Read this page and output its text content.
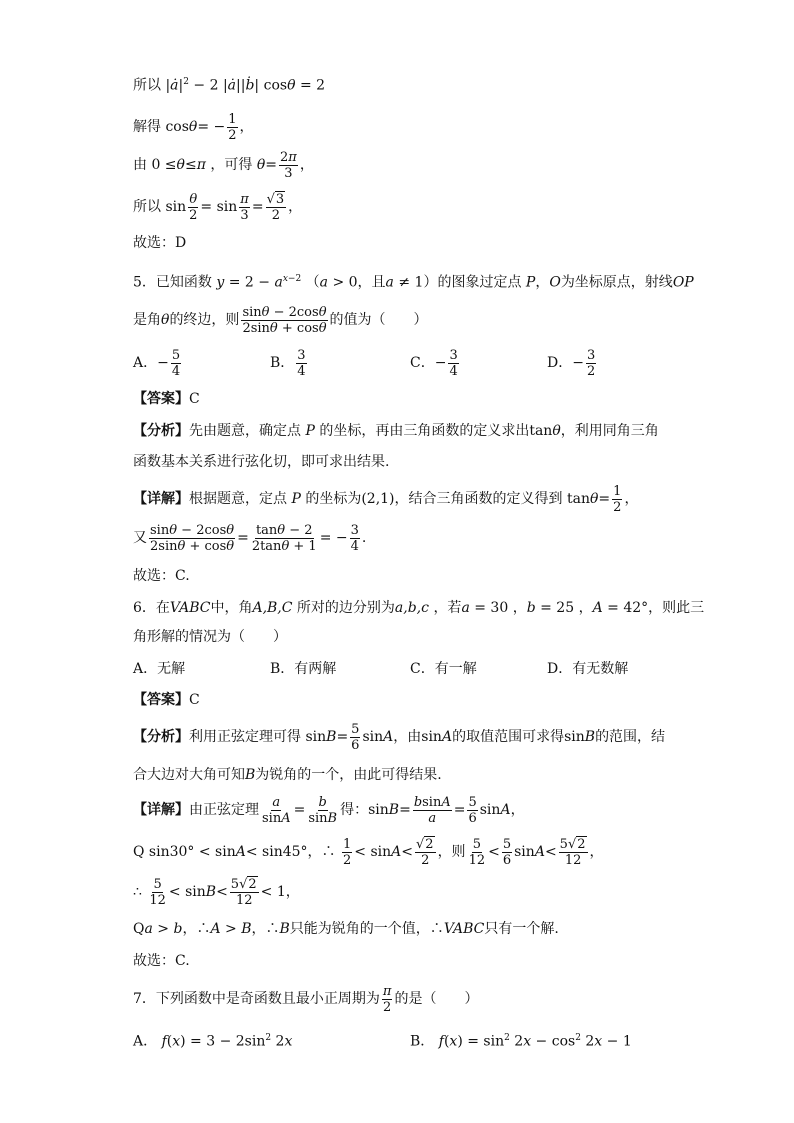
所以 $|ȧ|^2 - 2$ |ȧ||ḃ| cosθ = 2
解得 cos θ = − $\frac{1}{2}$ ，
由 0 ≤ θ ≤ π
，可得
$\theta = \frac{2\pi}{3}$ ，
所以 $\sin \frac{\theta}{2} = \sin \frac{\pi}{3} = \frac{√3}{2}$ ，
故选：D
5．已知函数 $y = 2 - a^{x-2}$ （a > 0，且a ≠ 1）的图象过定点 P，O为坐标原点，射线OP
是角 θ 的终边，则 $\frac{\sin\theta - 2\cos\theta}{2\sin\theta + \cos\theta}$ 的值为（　　）
A． − $\frac{5}{4}$	B． $\frac{3}{4}$	C． − $\frac{3}{4}$	D． − $\frac{3}{2}$
【答案】C
【分析】先由题意，确定点 P 的坐标，再由三角函数的定义求出tanθ，利用同角三角
函数基本关系进行弦化切，即可求出结果.
【详解】 根据题意，定点
P
的坐标为 (2,1) ，结合三角函数的定义得到 $\tan \theta = \frac{1}{2}$ ，
又 $\frac{\sin\theta - 2\cos\theta}{2\sin\theta + \cos\theta} = \frac{\tan\theta - 2}{2\tan\theta + 1}$ = − $\frac{3}{4}$ .
故选：C.
6．在VABC中，角A,B,C 所对的边分别为a,b,c ，若a = 30 ，b = 25 ，A = 42°，则此三
角形解的情况为（　　）
A．无解	B．有两解	C．有一解	D．有无数解
【答案】C
【分析】 利用正弦定理可得 $\sin B = \frac{5}{6}$ sin A ，由 sin A 的取值范围可求得 sin B 的范围，结
合大边对大角可知B为锐角的一个，由此可得结果.
【详解】 由正弦定理 $\frac{a}{\sin A} = \frac{b}{\sin B}$ 得： $\sin B = \frac{bsinA}{a} = \frac{5}{6}$ sin A ，
Q sin30° < sin A < sin45°，∴ $\frac{1}{2} < \sin A < \frac{√2}{2}$ ，则 $\frac{5}{12} < \frac{5}{6}$ $\sin A < \frac{5√2}{12}$ ，
∴ $\frac{5}{12} < \sin B < \frac{5√2}{12} < 1$，
Qa > b，∴A > B，∴B只能为锐角的一个值，∴VABC只有一个解.
故选：C.
7．下列函数中是奇函数且最小正周期为 $\frac{\pi}{2}$ 的是（　　）
A． $f(x) = 3 - 2\sin^2$ 2x	B． $f(x) = \sin^2 2x - \cos^2 2x - 1$
